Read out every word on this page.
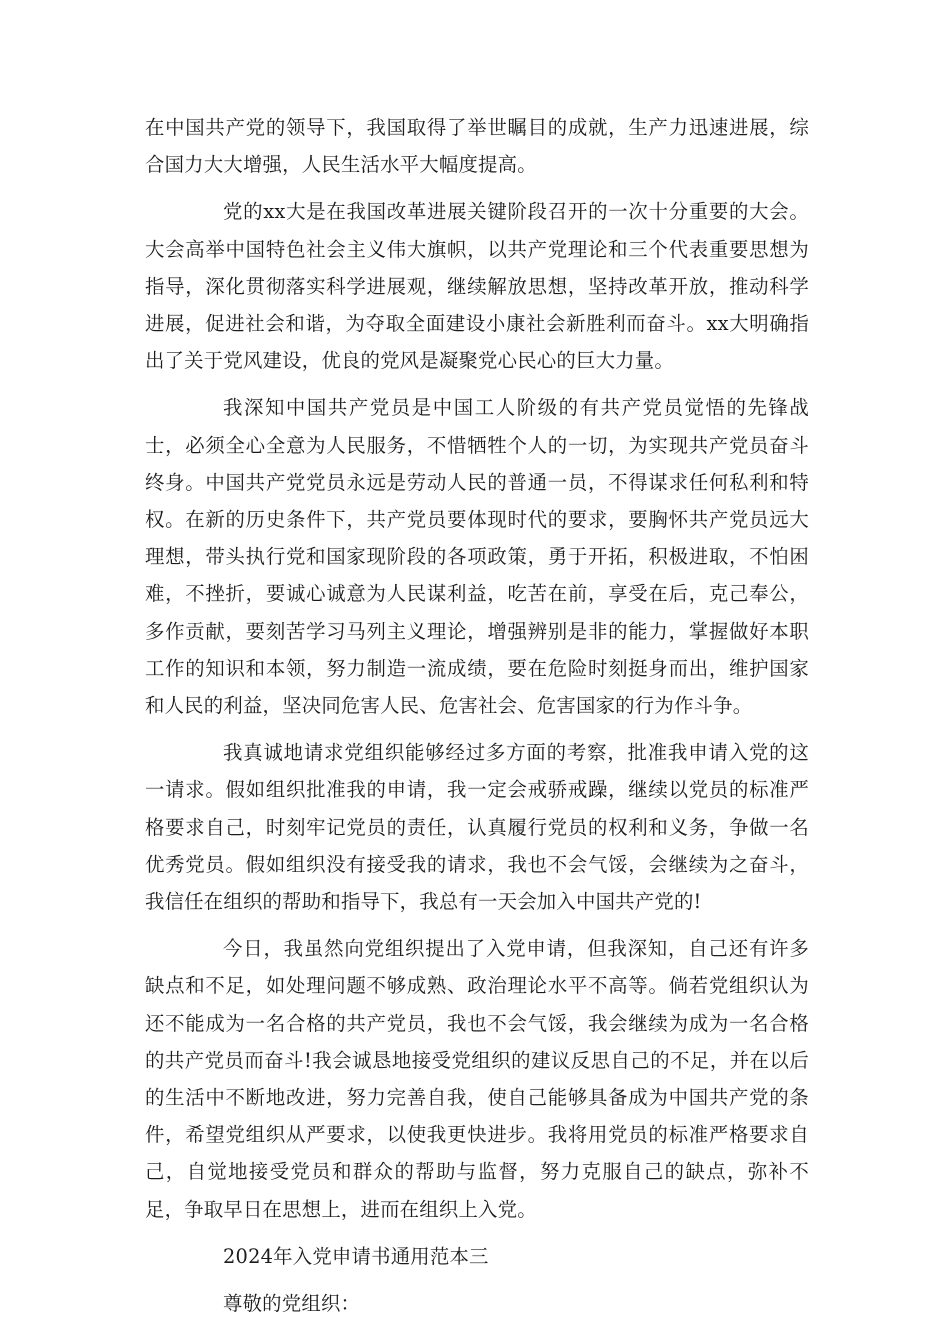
在中国共产党的领导下，我国取得了举世瞩目的成就，生产力迅速进展，综合国力大大增强，人民生活水平大幅度提高。

党的xx大是在我国改革进展关键阶段召开的一次十分重要的大会。大会高举中国特色社会主义伟大旗帜，以共产党理论和三个代表重要思想为指导，深化贯彻落实科学进展观，继续解放思想，坚持改革开放，推动科学进展，促进社会和谐，为夺取全面建设小康社会新胜利而奋斗。xx大明确指出了关于党风建设，优良的党风是凝聚党心民心的巨大力量。

我深知中国共产党员是中国工人阶级的有共产党员觉悟的先锋战士，必须全心全意为人民服务，不惜牺牲个人的一切，为实现共产党员奋斗终身。中国共产党党员永远是劳动人民的普通一员，不得谋求任何私利和特权。在新的历史条件下，共产党员要体现时代的要求，要胸怀共产党员远大理想，带头执行党和国家现阶段的各项政策，勇于开拓，积极进取，不怕困难，不挫折，要诚心诚意为人民谋利益，吃苦在前，享受在后，克己奉公，多作贡献，要刻苦学习马列主义理论，增强辨别是非的能力，掌握做好本职工作的知识和本领，努力制造一流成绩，要在危险时刻挺身而出，维护国家和人民的利益，坚决同危害人民、危害社会、危害国家的行为作斗争。

我真诚地请求党组织能够经过多方面的考察，批准我申请入党的这一请求。假如组织批准我的申请，我一定会戒骄戒躁，继续以党员的标准严格要求自己，时刻牢记党员的责任，认真履行党员的权利和义务，争做一名优秀党员。假如组织没有接受我的请求，我也不会气馁，会继续为之奋斗，我信任在组织的帮助和指导下，我总有一天会加入中国共产党的!

今日，我虽然向党组织提出了入党申请，但我深知，自己还有许多缺点和不足，如处理问题不够成熟、政治理论水平不高等。倘若党组织认为还不能成为一名合格的共产党员，我也不会气馁，我会继续为成为一名合格的共产党员而奋斗!我会诚恳地接受党组织的建议反思自己的不足，并在以后的生活中不断地改进，努力完善自我，使自己能够具备成为中国共产党的条件，希望党组织从严要求，以使我更快进步。我将用党员的标准严格要求自己，自觉地接受党员和群众的帮助与监督，努力克服自己的缺点，弥补不足，争取早日在思想上，进而在组织上入党。

2024年入党申请书通用范本三

尊敬的党组织：
